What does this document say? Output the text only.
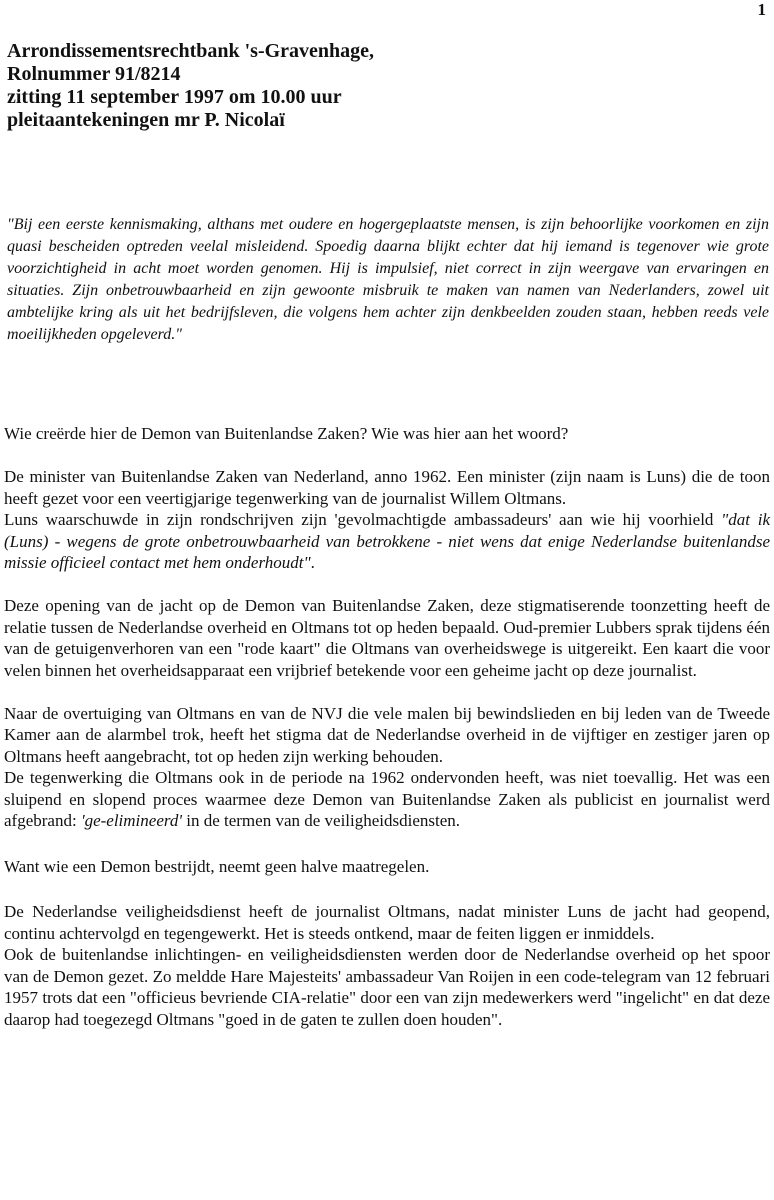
1
Arrondissementsrechtbank 's-Gravenhage,
Rolnummer 91/8214
zitting 11 september 1997 om 10.00 uur
pleitaantekeningen mr P. Nicolaï
"Bij een eerste kennismaking, althans met oudere en hogergeplaatste mensen, is zijn behoorlijke voorkomen en zijn quasi bescheiden optreden veelal misleidend. Spoedig daarna blijkt echter dat hij iemand is tegenover wie grote voorzichtigheid in acht moet worden genomen. Hij is impulsief, niet correct in zijn weergave van ervaringen en situaties. Zijn onbetrouwbaarheid en zijn gewoonte misbruik te maken van namen van Nederlanders, zowel uit ambtelijke kring als uit het bedrijfsleven, die volgens hem achter zijn denkbeelden zouden staan, hebben reeds vele moeilijkheden opgeleverd."

Wie creërde hier de Demon van Buitenlandse Zaken? Wie was hier aan het woord?

De minister van Buitenlandse Zaken van Nederland, anno 1962. Een minister (zijn naam is Luns) die de toon heeft gezet voor een veertigjarige tegenwerking van de journalist Willem Oltmans.

Luns waarschuwde in zijn rondschrijven zijn 'gevolmachtigde ambassadeurs' aan wie hij voorhield "dat ik (Luns) - wegens de grote onbetrouwbaarheid van betrokkene - niet wens dat enige Nederlandse buitenlandse missie officieel contact met hem onderhoudt".

Deze opening van de jacht op de Demon van Buitenlandse Zaken, deze stigmatiserende toonzetting heeft de relatie tussen de Nederlandse overheid en Oltmans tot op heden bepaald. Oud-premier Lubbers sprak tijdens één van de getuigenverhoren van een "rode kaart" die Oltmans van overheidswege is uitgereikt. Een kaart die voor velen binnen het overheidsapparaat een vrijbrief betekende voor een geheime jacht op deze journalist.

Naar de overtuiging van Oltmans en van de NVJ die vele malen bij bewindslieden en bij leden van de Tweede Kamer aan de alarmbel trok, heeft het stigma dat de Nederlandse overheid in de vijftiger en zestiger jaren op Oltmans heeft aangebracht, tot op heden zijn werking behouden.

De tegenwerking die Oltmans ook in de periode na 1962 ondervonden heeft, was niet toevallig. Het was een sluipend en slopend proces waarmee deze Demon van Buitenlandse Zaken als publicist en journalist werd afgebrand: 'ge-elimineerd' in de termen van de veiligheidsdiensten.

Want wie een Demon bestrijdt, neemt geen halve maatregelen.

De Nederlandse veiligheidsdienst heeft de journalist Oltmans, nadat minister Luns de jacht had geopend, continu achtervolgd en tegengewerkt. Het is steeds ontkend, maar de feiten liggen er inmiddels.

Ook de buitenlandse inlichtingen- en veiligheidsdiensten werden door de Nederlandse overheid op het spoor van de Demon gezet. Zo meldde Hare Majesteits' ambassadeur Van Roijen in een code-telegram van 12 februari 1957 trots dat een "officieus bevriende CIA-relatie" door een van zijn medewerkers werd "ingelicht" en dat deze daarop had toegezegd Oltmans "goed in de gaten te zullen doen houden".
